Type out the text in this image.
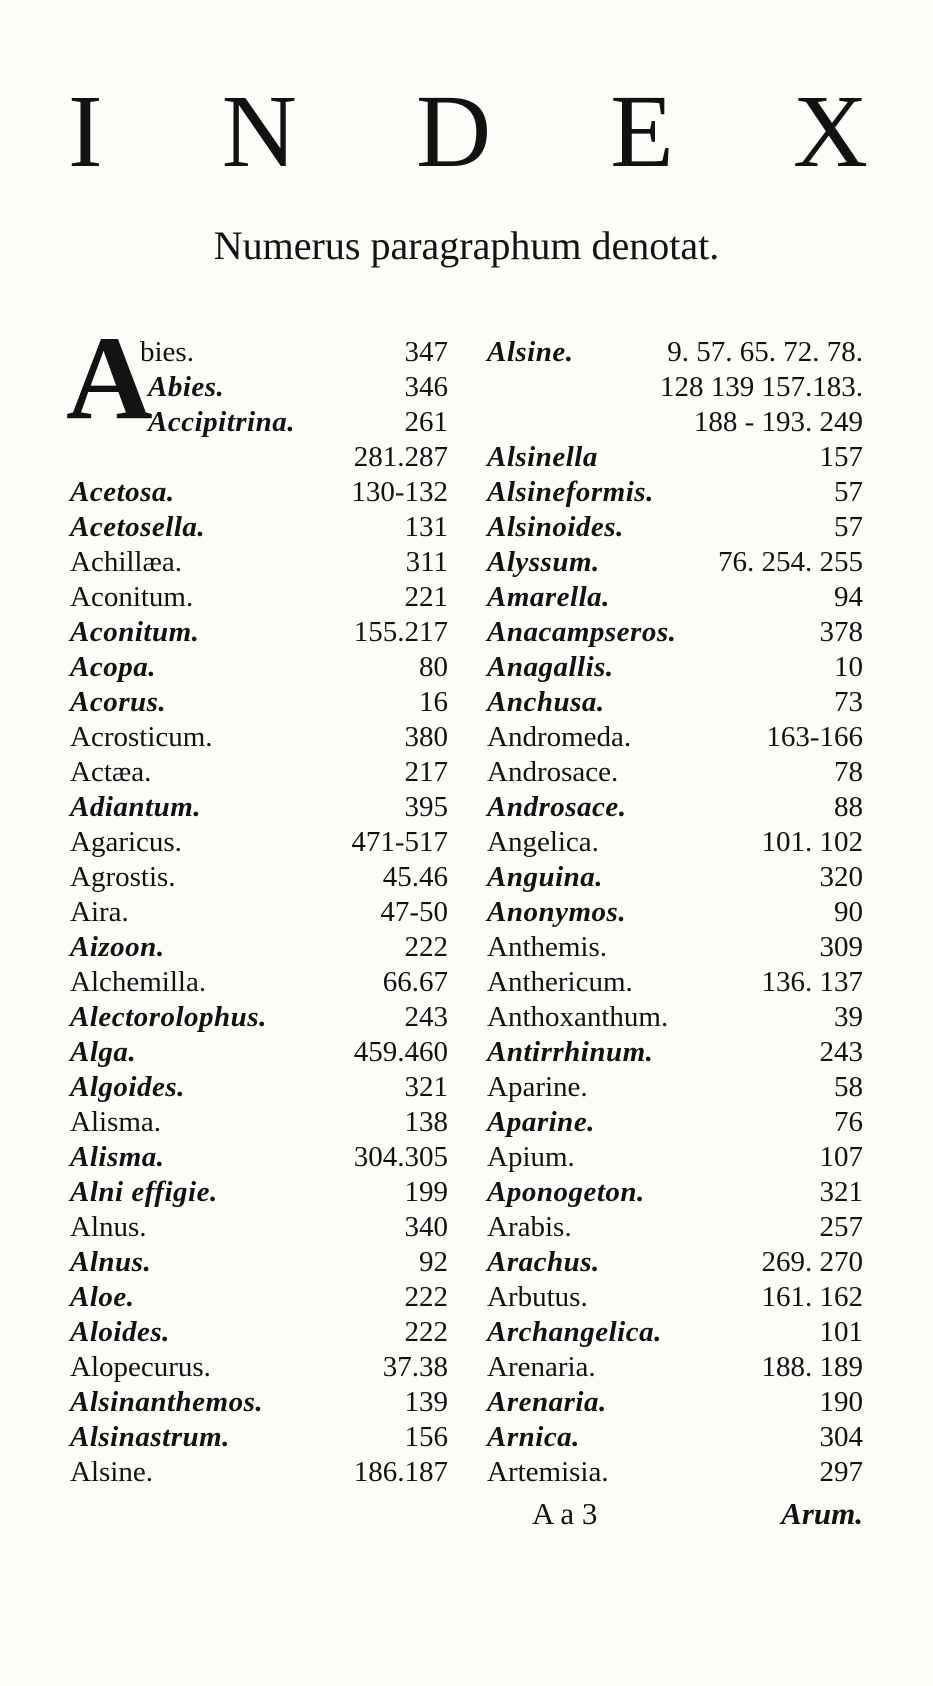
I N D E X
Numerus paragraphum denotat.
A
bies.	347
Abies.	346
Accipitrina.	261
281.287
Acetosa.	130-132
Acetosella.	131
Achillæa.	311
Aconitum.	221
Aconitum.	155.217
Acopa.	80
Acorus.	16
Acrosticum.	380
Actæa.	217
Adiantum.	395
Agaricus.	471-517
Agrostis.	45.46
Aira.	47-50
Aizoon.	222
Alchemilla.	66.67
Alectorolophus.	243
Alga.	459.460
Algoides.	321
Alisma.	138
Alisma.	304.305
Alni effigie.	199
Alnus.	340
Alnus.	92
Aloe.	222
Aloides.	222
Alopecurus.	37.38
Alsinanthemos.	139
Alsinastrum.	156
Alsine.	186.187
Alsine.	9. 57. 65. 72. 78.
128 139 157.183.
188 - 193. 249
Alsinella	157
Alsineformis.	57
Alsinoides.	57
Alyssum.	76. 254. 255
Amarella.	94
Anacampseros.	378
Anagallis.	10
Anchusa.	73
Andromeda.	163-166
Androsace.	78
Androsace.	88
Angelica.	101. 102
Anguina.	320
Anonymos.	90
Anthemis.	309
Anthericum.	136. 137
Anthoxanthum.	39
Antirrhinum.	243
Aparine.	58
Aparine.	76
Apium.	107
Aponogeton.	321
Arabis.	257
Arachus.	269. 270
Arbutus.	161. 162
Archangelica.	101
Arenaria.	188. 189
Arenaria.	190
Arnica.	304
Artemisia.	297
A a 3	Arum.
